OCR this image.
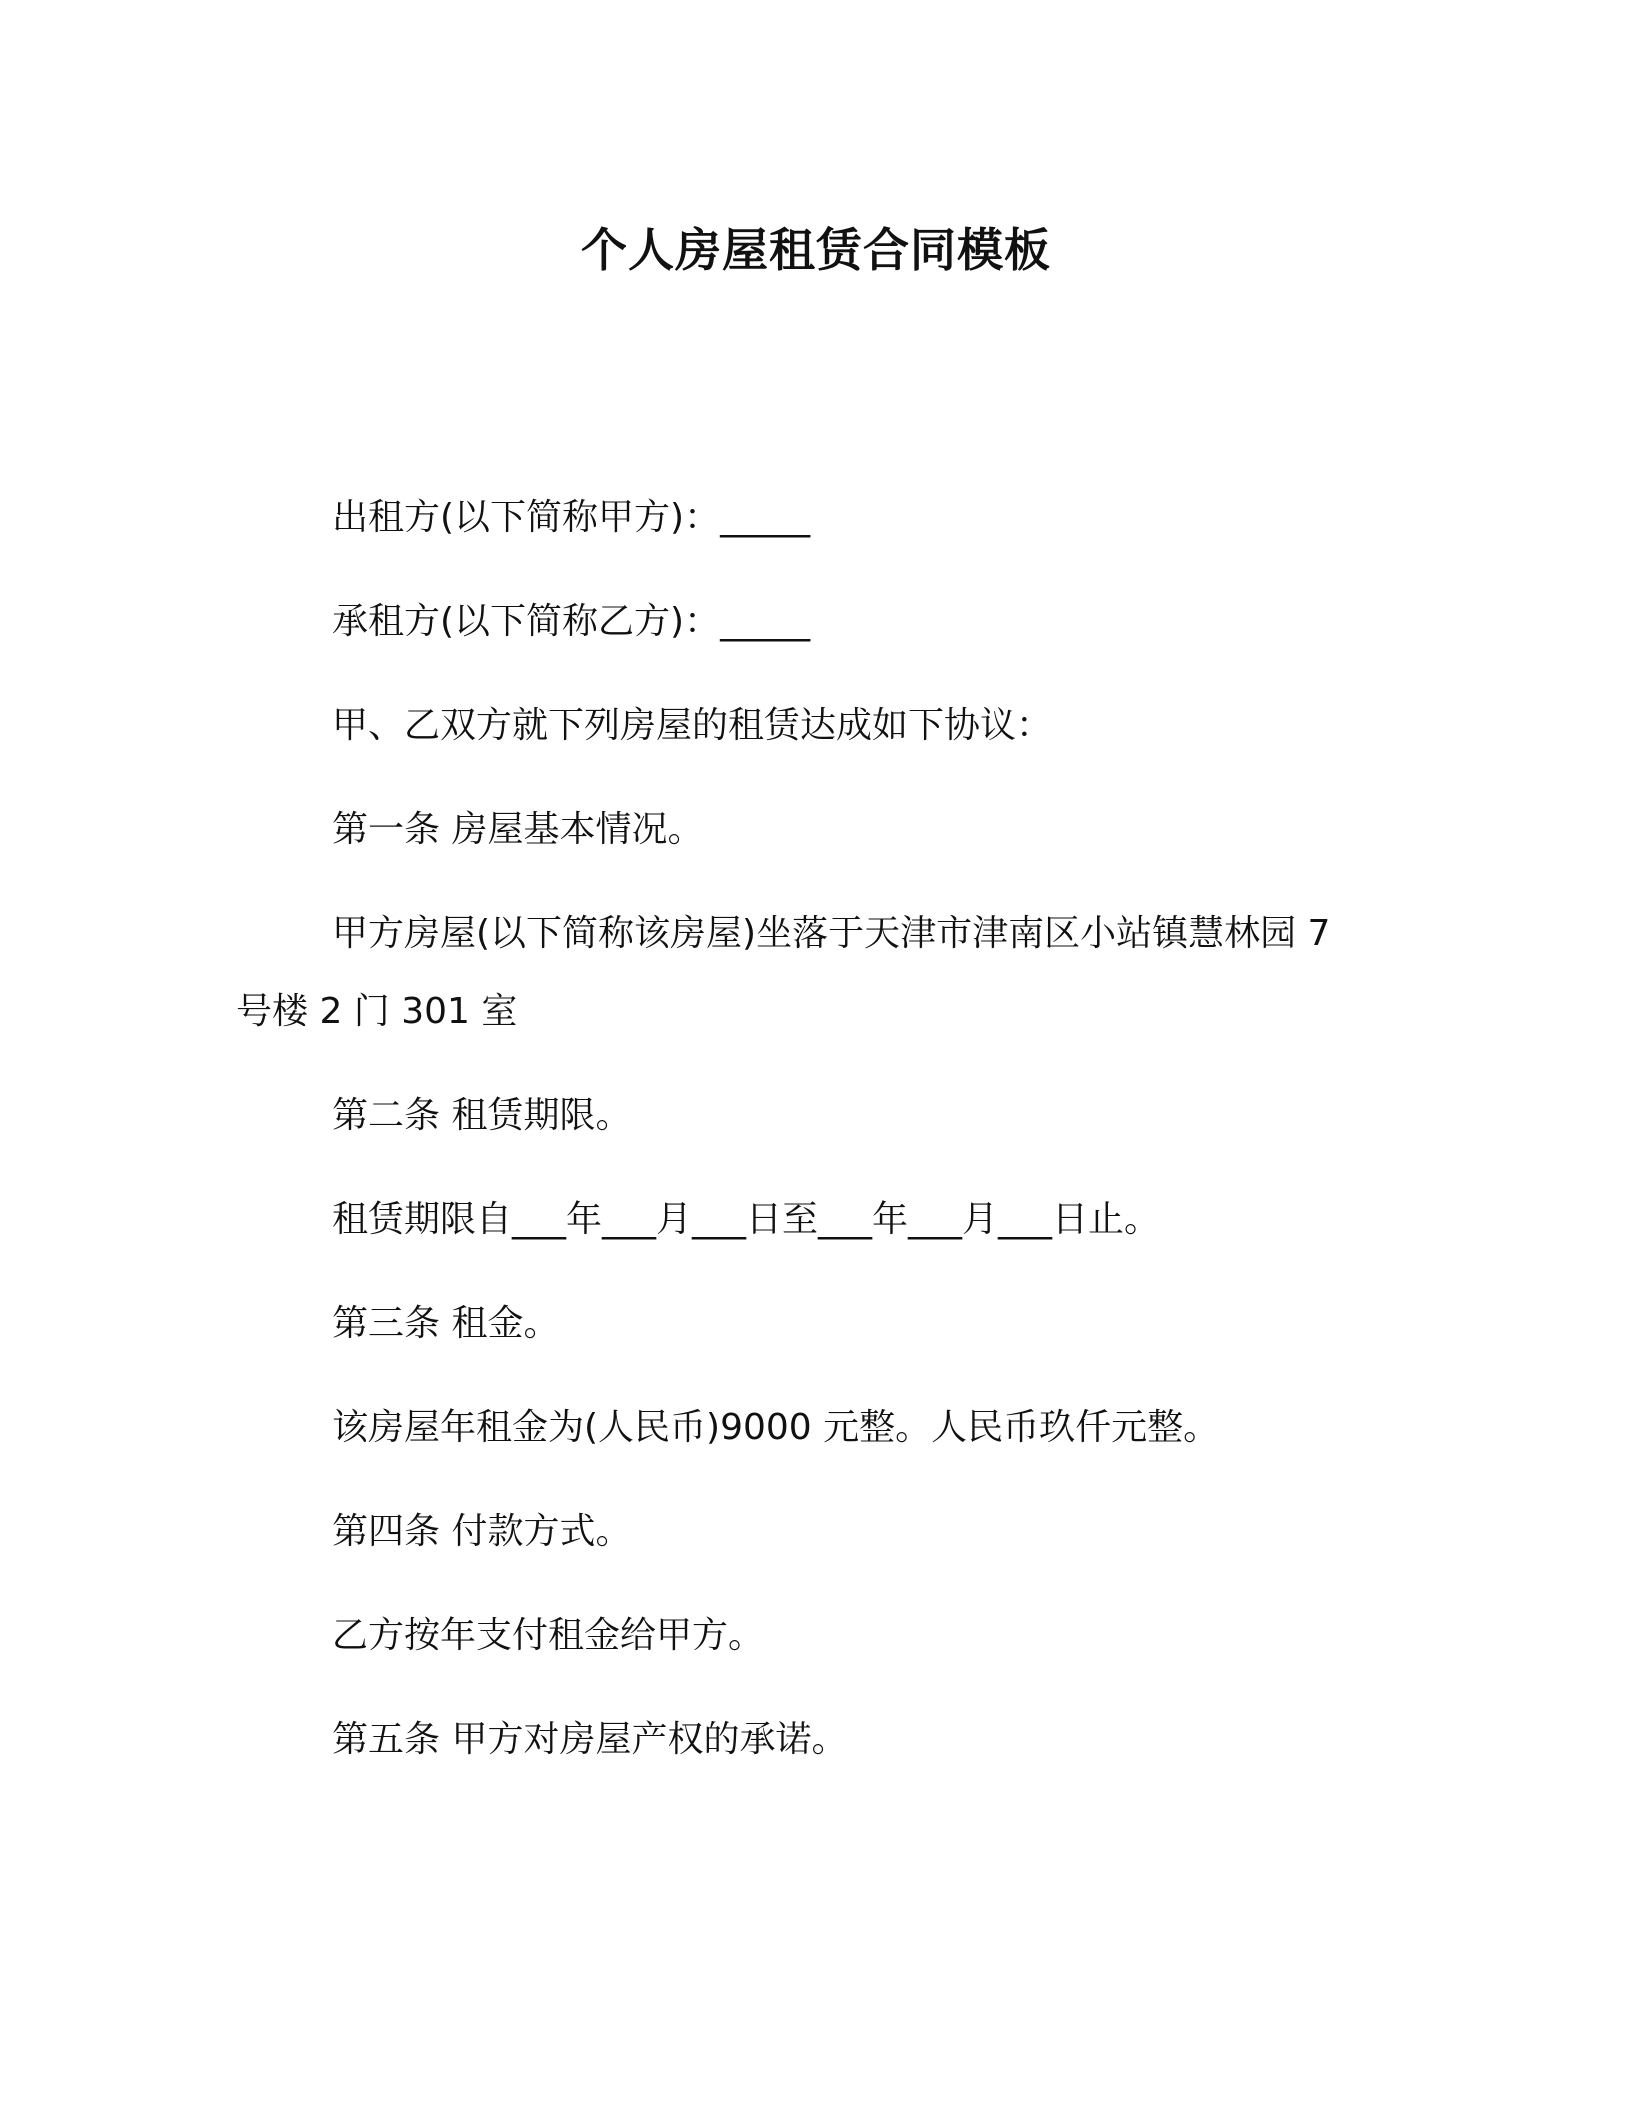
个人房屋租赁合同模板

出租方(以下简称甲方)：_____

承租方(以下简称乙方)：_____

甲、乙双方就下列房屋的租赁达成如下协议：

第一条 房屋基本情况。

甲方房屋(以下简称该房屋)坐落于天津市津南区小站镇慧林园 7 号楼 2 门 301 室

第二条 租赁期限。

租赁期限自___年___月___日至___年___月___日止。

第三条 租金。

该房屋年租金为(人民币)9000 元整。人民币玖仟元整。

第四条 付款方式。

乙方按年支付租金给甲方。

第五条 甲方对房屋产权的承诺。
